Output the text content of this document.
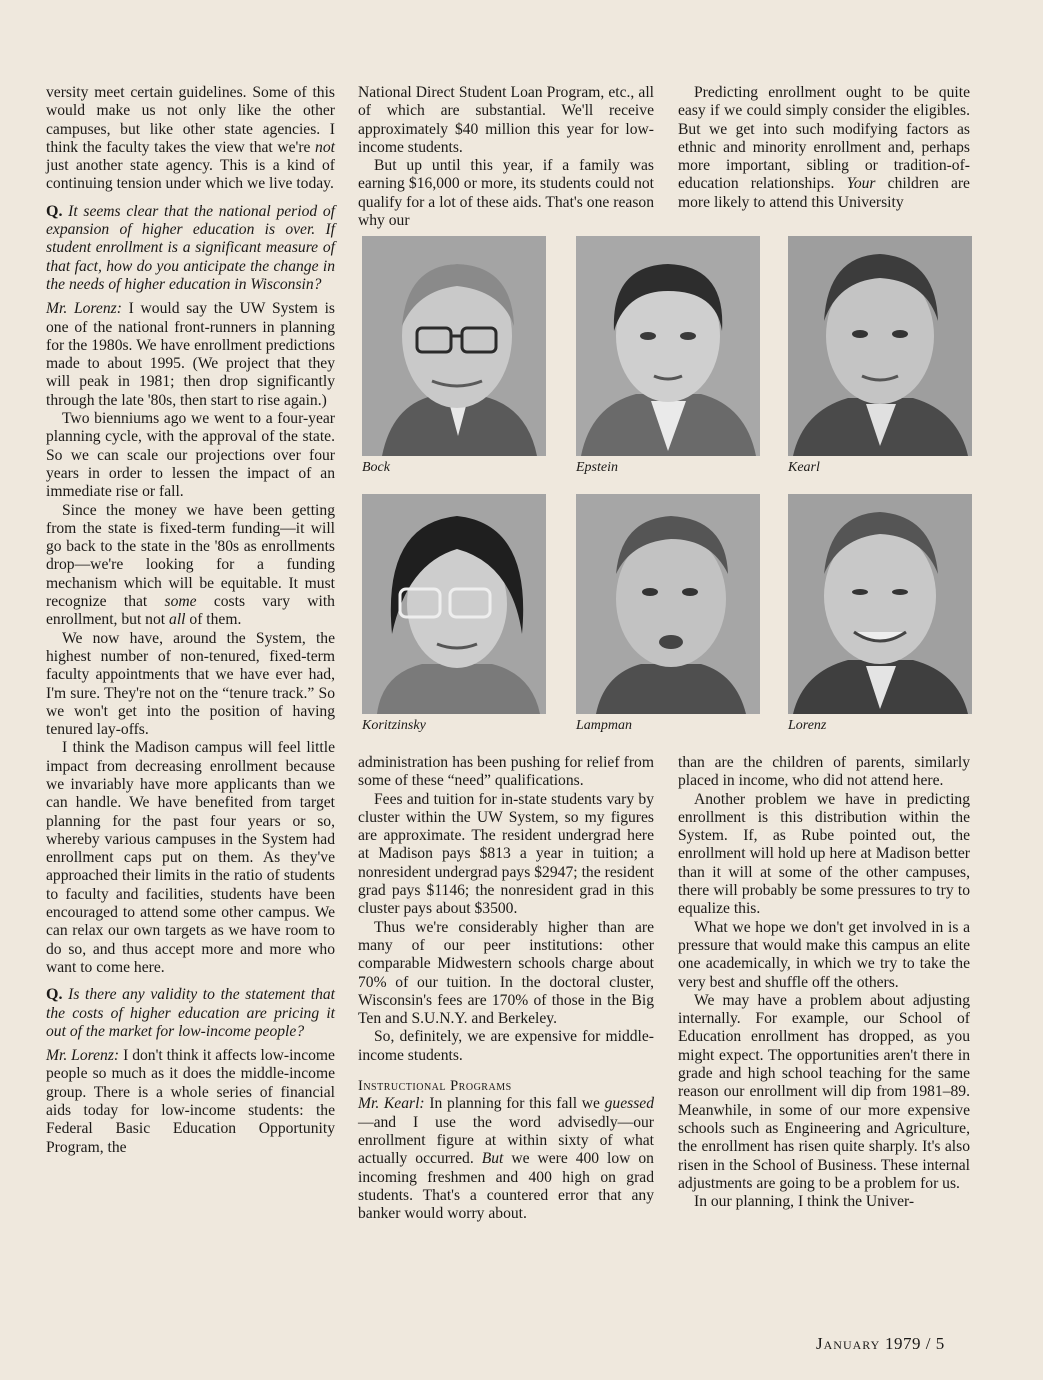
versity meet certain guidelines. Some of this would make us not only like the other campuses, but like other state agencies. I think the faculty takes the view that we're not just another state agency. This is a kind of continuing tension under which we live today.

Q. It seems clear that the national period of expansion of higher education is over. If student enrollment is a significant measure of that fact, how do you anticipate the change in the needs of higher education in Wisconsin?

Mr. Lorenz: I would say the UW System is one of the national front-runners in planning for the 1980s. We have enrollment predictions made to about 1995. (We project that they will peak in 1981; then drop significantly through the late '80s, then start to rise again.)

Two bienniums ago we went to a four-year planning cycle, with the approval of the state. So we can scale our projections over four years in order to lessen the impact of an immediate rise or fall.

Since the money we have been getting from the state is fixed-term funding—it will go back to the state in the '80s as enrollments drop—we're looking for a funding mechanism which will be equitable. It must recognize that some costs vary with enrollment, but not all of them.

We now have, around the System, the highest number of non-tenured, fixed-term faculty appointments that we have ever had, I'm sure. They're not on the “tenure track.” So we won't get into the position of having tenured lay-offs.

I think the Madison campus will feel little impact from decreasing enrollment because we invariably have more applicants than we can handle. We have benefited from target planning for the past four years or so, whereby various campuses in the System had enrollment caps put on them. As they've approached their limits in the ratio of students to faculty and facilities, students have been encouraged to attend some other campus. We can relax our own targets as we have room to do so, and thus accept more and more who want to come here.

Q. Is there any validity to the statement that the costs of higher education are pricing it out of the market for low-income people?

Mr. Lorenz: I don't think it affects low-income people so much as it does the middle-income group. There is a whole series of financial aids today for low-income students: the Federal Basic Education Opportunity Program, the

National Direct Student Loan Program, etc., all of which are substantial. We'll receive approximately $40 million this year for low-income students.

But up until this year, if a family was earning $16,000 or more, its students could not qualify for a lot of these aids. That's one reason why our

Predicting enrollment ought to be quite easy if we could simply consider the eligibles. But we get into such modifying factors as ethnic and minority enrollment and, perhaps more important, sibling or tradition-of-education relationships. Your children are more likely to attend this University

Bock	Epstein	Kearl
Koritzinsky	Lampman	Lorenz

administration has been pushing for relief from some of these “need” qualifications.

Fees and tuition for in-state students vary by cluster within the UW System, so my figures are approximate. The resident undergrad here at Madison pays $813 a year in tuition; a nonresident undergrad pays $2947; the resident grad pays $1146; the nonresident grad in this cluster pays about $3500.

Thus we're considerably higher than are many of our peer institutions: other comparable Midwestern schools charge about 70% of our tuition. In the doctoral cluster, Wisconsin's fees are 170% of those in the Big Ten and S.U.N.Y. and Berkeley.

So, definitely, we are expensive for middle-income students.

Instructional Programs

Mr. Kearl: In planning for this fall we guessed—and I use the word advisedly—our enrollment figure at within sixty of what actually occurred. But we were 400 low on incoming freshmen and 400 high on grad students. That's a countered error that any banker would worry about.

than are the children of parents, similarly placed in income, who did not attend here.

Another problem we have in predicting enrollment is this distribution within the System. If, as Rube pointed out, the enrollment will hold up here at Madison better than it will at some of the other campuses, there will probably be some pressures to try to equalize this.

What we hope we don't get involved in is a pressure that would make this campus an elite one academically, in which we try to take the very best and shuffle off the others.

We may have a problem about adjusting internally. For example, our School of Education enrollment has dropped, as you might expect. The opportunities aren't there in grade and high school teaching for the same reason our enrollment will dip from 1981–89. Meanwhile, in some of our more expensive schools such as Engineering and Agriculture, the enrollment has risen quite sharply. It's also risen in the School of Business. These internal adjustments are going to be a problem for us.

In our planning, I think the Univer-

January 1979 / 5
